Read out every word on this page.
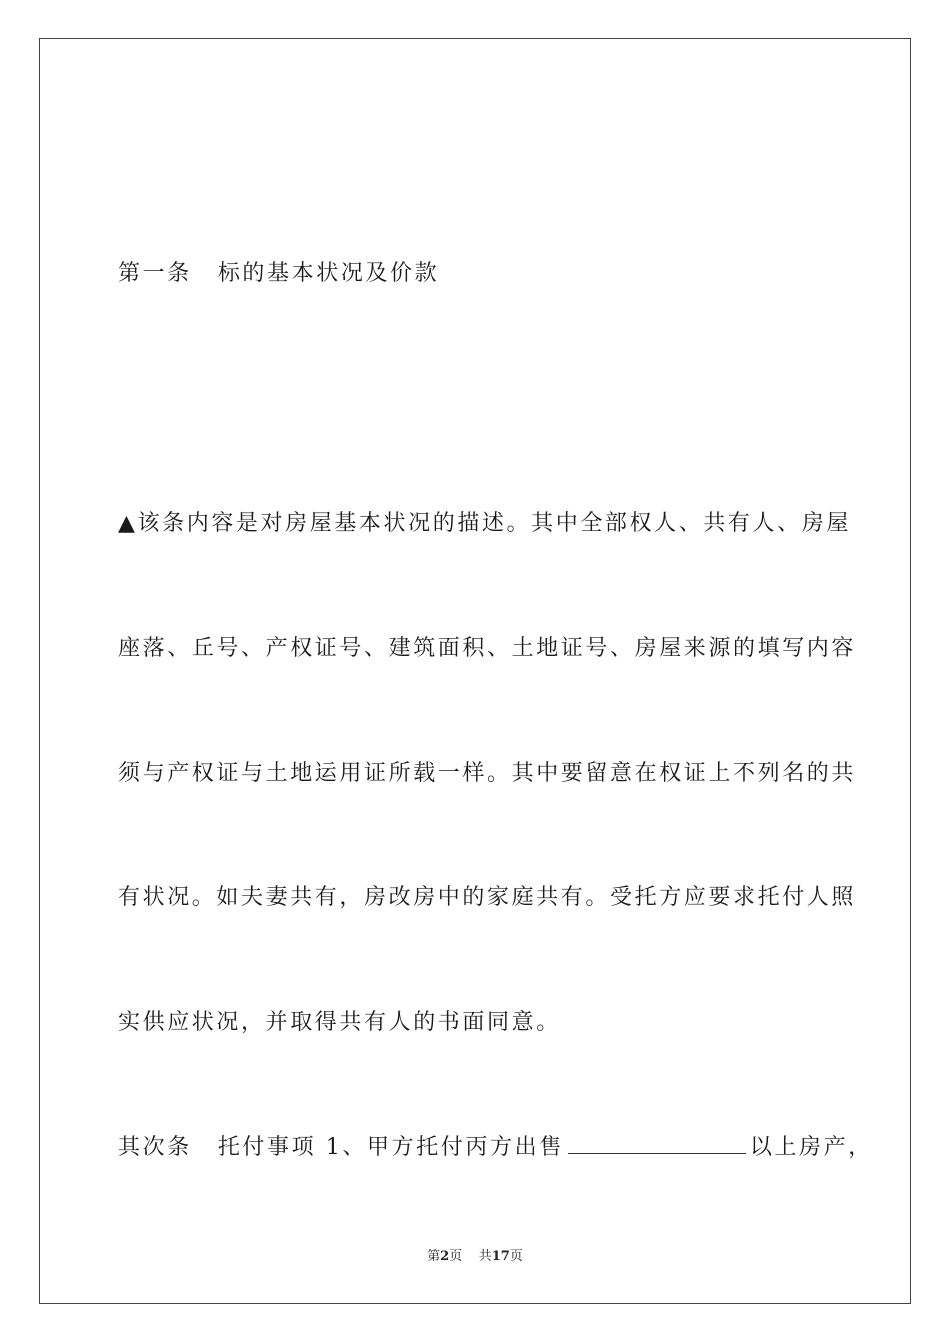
第一条 标的基本状况及价款
▲该条内容是对房屋基本状况的描述。其中全部权人、共有人、房屋
座落、丘号、产权证号、建筑面积、土地证号、房屋来源的填写内容
须与产权证与土地运用证所载一样。其中要留意在权证上不列名的共
有状况。如夫妻共有，房改房中的家庭共有。受托方应要求托付人照
实供应状况，并取得共有人的书面同意。
其次条 托付事项 1、甲方托付丙方出售	以上房产，
第2页 共17页
